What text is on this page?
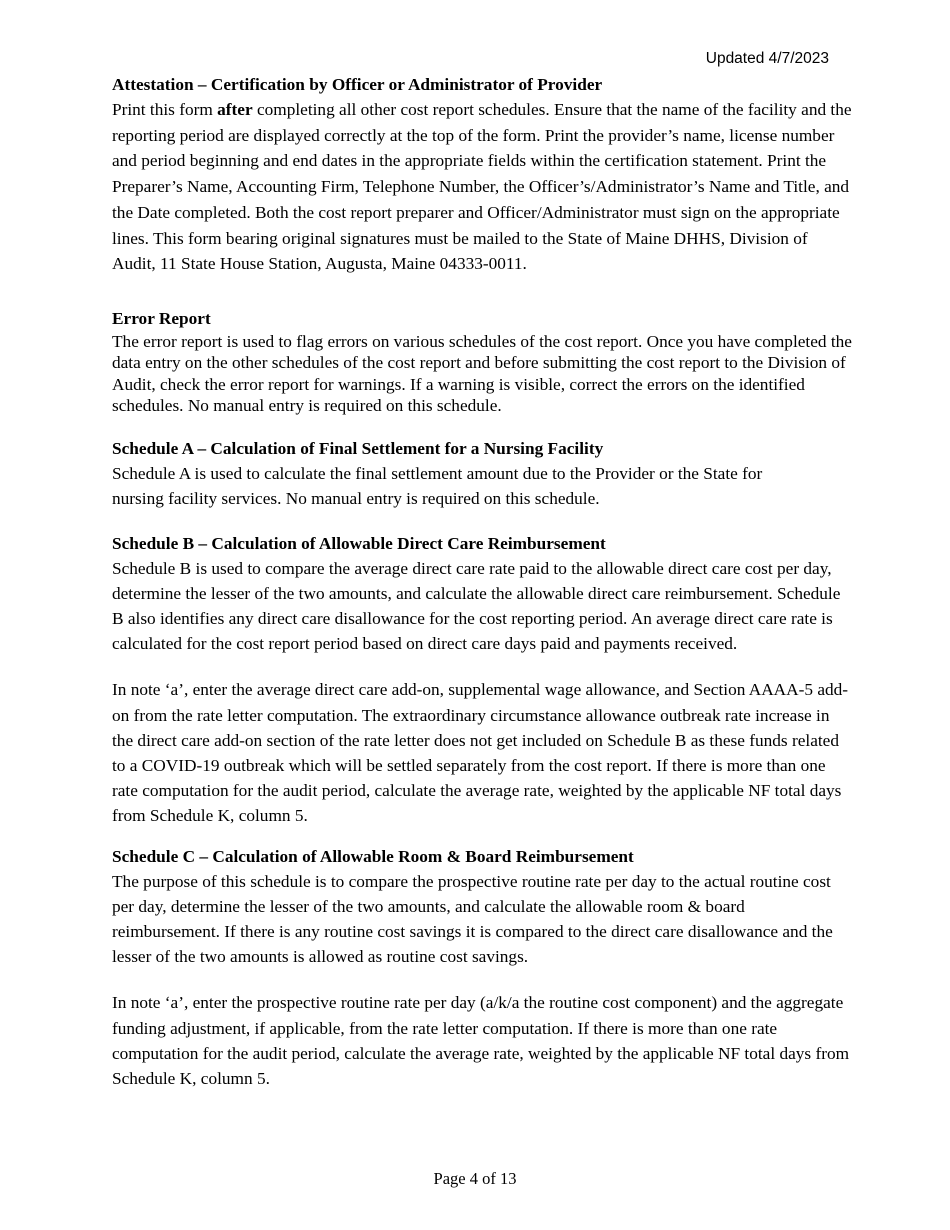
Updated 4/7/2023
Attestation – Certification by Officer or Administrator of Provider

Print this form after completing all other cost report schedules. Ensure that the name of the facility and the reporting period are displayed correctly at the top of the form. Print the provider’s name, license number and period beginning and end dates in the appropriate fields within the certification statement. Print the Preparer’s Name, Accounting Firm, Telephone Number, the Officer’s/Administrator’s Name and Title, and the Date completed. Both the cost report preparer and Officer/Administrator must sign on the appropriate lines. This form bearing original signatures must be mailed to the State of Maine DHHS, Division of Audit, 11 State House Station, Augusta, Maine 04333-0011.

Error Report

The error report is used to flag errors on various schedules of the cost report. Once you have completed the data entry on the other schedules of the cost report and before submitting the cost report to the Division of Audit, check the error report for warnings. If a warning is visible, correct the errors on the identified schedules. No manual entry is required on this schedule.

Schedule A – Calculation of Final Settlement for a Nursing Facility

Schedule A is used to calculate the final settlement amount due to the Provider or the State for nursing facility services. No manual entry is required on this schedule.

Schedule B – Calculation of Allowable Direct Care Reimbursement

Schedule B is used to compare the average direct care rate paid to the allowable direct care cost per day, determine the lesser of the two amounts, and calculate the allowable direct care reimbursement. Schedule B also identifies any direct care disallowance for the cost reporting period. An average direct care rate is calculated for the cost report period based on direct care days paid and payments received.

In note ‘a’, enter the average direct care add-on, supplemental wage allowance, and Section AAAA-5 add-on from the rate letter computation. The extraordinary circumstance allowance outbreak rate increase in the direct care add-on section of the rate letter does not get included on Schedule B as these funds related to a COVID-19 outbreak which will be settled separately from the cost report. If there is more than one rate computation for the audit period, calculate the average rate, weighted by the applicable NF total days from Schedule K, column 5.

Schedule C – Calculation of Allowable Room & Board Reimbursement

The purpose of this schedule is to compare the prospective routine rate per day to the actual routine cost per day, determine the lesser of the two amounts, and calculate the allowable room & board reimbursement. If there is any routine cost savings it is compared to the direct care disallowance and the lesser of the two amounts is allowed as routine cost savings.

In note ‘a’, enter the prospective routine rate per day (a/k/a the routine cost component) and the aggregate funding adjustment, if applicable, from the rate letter computation. If there is more than one rate computation for the audit period, calculate the average rate, weighted by the applicable NF total days from Schedule K, column 5.

Page 4 of 13
